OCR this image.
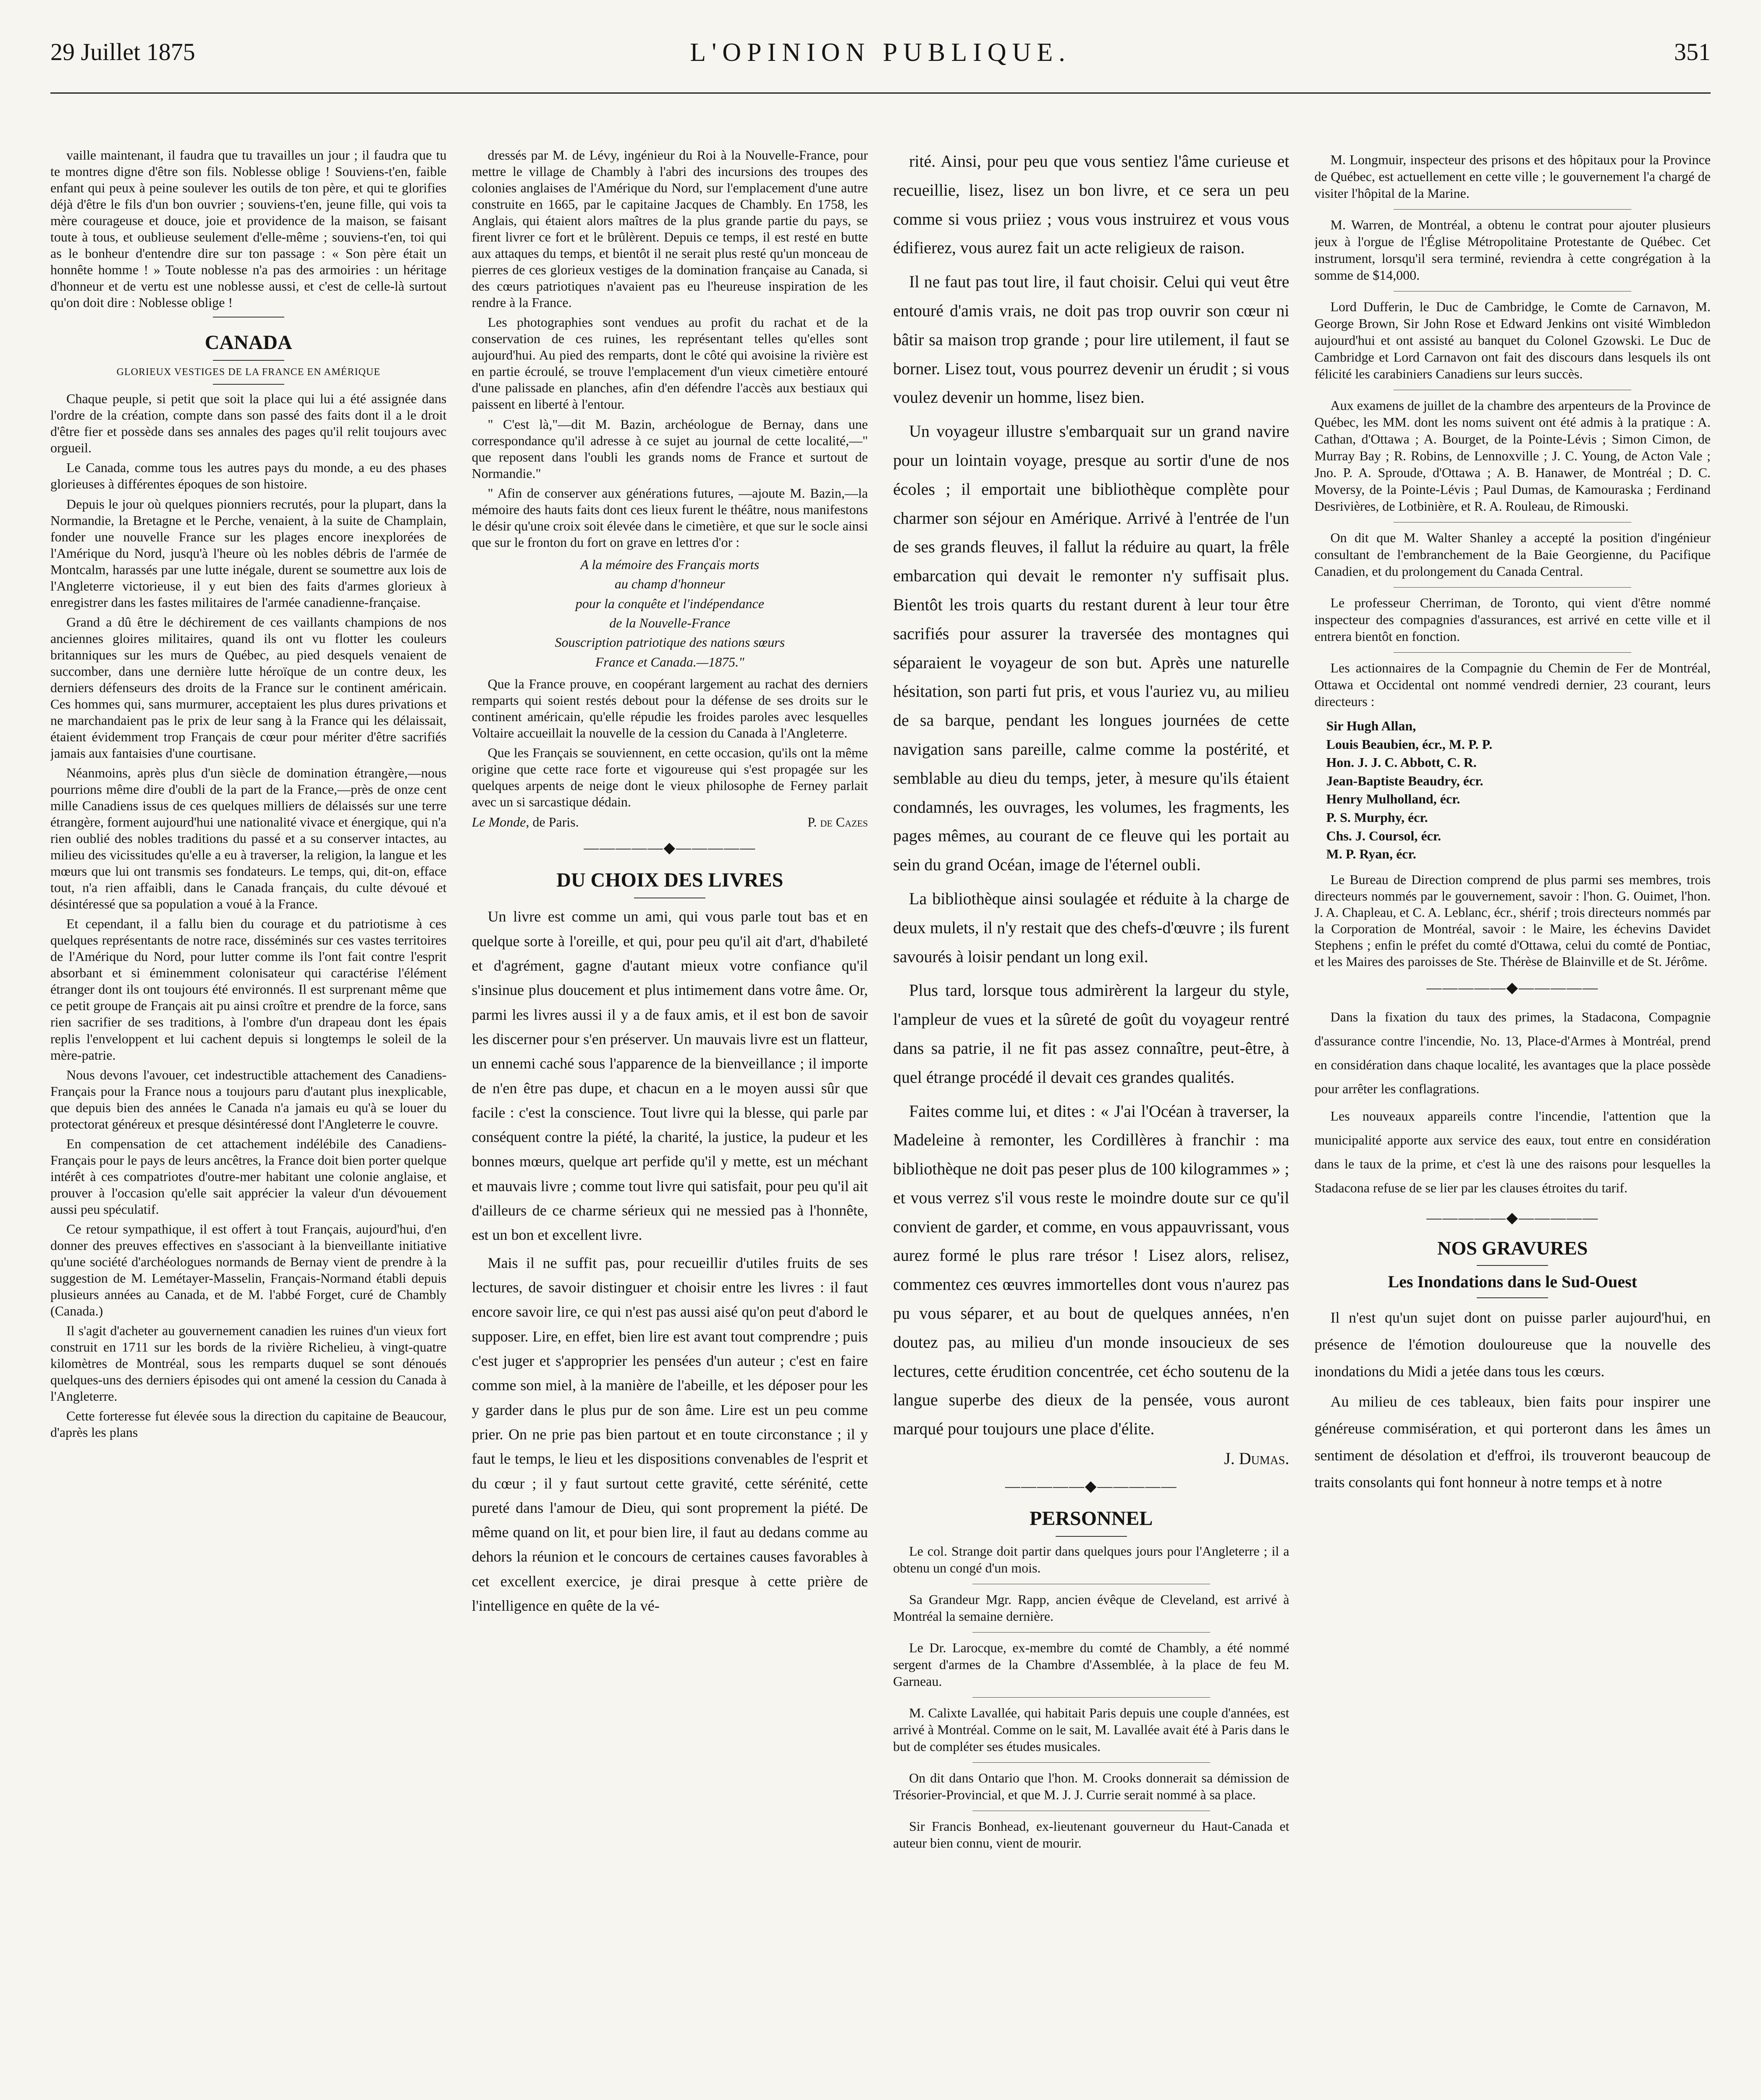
29 Juillet 1875	L'OPINION PUBLIQUE.	351

vaille maintenant, il faudra que tu travailles un jour ; il faudra que tu te montres digne d'être son fils. Noblesse oblige ! Souviens-t'en, faible enfant qui peux à peine soulever les outils de ton père, et qui te glorifies déjà d'être le fils d'un bon ouvrier ; souviens-t'en, jeune fille, qui vois ta mère courageuse et douce, joie et providence de la maison, se faisant toute à tous, et oublieuse seulement d'elle-même ; souviens-t'en, toi qui as le bonheur d'entendre dire sur ton passage : « Son père était un honnête homme ! » Toute noblesse n'a pas des armoiries : un héritage d'honneur et de vertu est une noblesse aussi, et c'est de celle-là surtout qu'on doit dire : Noblesse oblige !

CANADA
GLORIEUX VESTIGES DE LA FRANCE EN AMÉRIQUE

Chaque peuple, si petit que soit la place qui lui a été assignée dans l'ordre de la création, compte dans son passé des faits dont il a le droit d'être fier et possède dans ses annales des pages qu'il relit toujours avec orgueil.

Le Canada, comme tous les autres pays du monde, a eu des phases glorieuses à différentes époques de son histoire.

Depuis le jour où quelques pionniers recrutés, pour la plupart, dans la Normandie, la Bretagne et le Perche, venaient, à la suite de Champlain, fonder une nouvelle France sur les plages encore inexplorées de l'Amérique du Nord, jusqu'à l'heure où les nobles débris de l'armée de Montcalm, harassés par une lutte inégale, durent se soumettre aux lois de l'Angleterre victorieuse, il y eut bien des faits d'armes glorieux à enregistrer dans les fastes militaires de l'armée canadienne-française.

Grand a dû être le déchirement de ces vaillants champions de nos anciennes gloires militaires, quand ils ont vu flotter les couleurs britanniques sur les murs de Québec, au pied desquels venaient de succomber, dans une dernière lutte héroïque de un contre deux, les derniers défenseurs des droits de la France sur le continent américain. Ces hommes qui, sans murmurer, acceptaient les plus dures privations et ne marchandaient pas le prix de leur sang à la France qui les délaissait, étaient évidemment trop Français de cœur pour mériter d'être sacrifiés jamais aux fantaisies d'une courtisane.

Néanmoins, après plus d'un siècle de domination étrangère,—nous pourrions même dire d'oubli de la part de la France,—près de onze cent mille Canadiens issus de ces quelques milliers de délaissés sur une terre étrangère, forment aujourd'hui une nationalité vivace et énergique, qui n'a rien oublié des nobles traditions du passé et a su conserver intactes, au milieu des vicissitudes qu'elle a eu à traverser, la religion, la langue et les mœurs que lui ont transmis ses fondateurs. Le temps, qui, dit-on, efface tout, n'a rien affaibli, dans le Canada français, du culte dévoué et désintéressé que sa population a voué à la France.

Et cependant, il a fallu bien du courage et du patriotisme à ces quelques représentants de notre race, disséminés sur ces vastes territoires de l'Amérique du Nord, pour lutter comme ils l'ont fait contre l'esprit absorbant et si éminemment colonisateur qui caractérise l'élément étranger dont ils ont toujours été environnés. Il est surprenant même que ce petit groupe de Français ait pu ainsi croître et prendre de la force, sans rien sacrifier de ses traditions, à l'ombre d'un drapeau dont les épais replis l'enveloppent et lui cachent depuis si longtemps le soleil de la mère-patrie.

Nous devons l'avouer, cet indestructible attachement des Canadiens-Français pour la France nous a toujours paru d'autant plus inexplicable, que depuis bien des années le Canada n'a jamais eu qu'à se louer du protectorat généreux et presque désintéressé dont l'Angleterre le couvre.

En compensation de cet attachement indélébile des Canadiens-Français pour le pays de leurs ancêtres, la France doit bien porter quelque intérêt à ces compatriotes d'outre-mer habitant une colonie anglaise, et prouver à l'occasion qu'elle sait apprécier la valeur d'un dévouement aussi peu spéculatif.

Ce retour sympathique, il est offert à tout Français, aujourd'hui, d'en donner des preuves effectives en s'associant à la bienveillante initiative qu'une société d'archéologues normands de Bernay vient de prendre à la suggestion de M. Lemétayer-Masselin, Français-Normand établi depuis plusieurs années au Canada, et de M. l'abbé Forget, curé de Chambly (Canada.)

Il s'agit d'acheter au gouvernement canadien les ruines d'un vieux fort construit en 1711 sur les bords de la rivière Richelieu, à vingt-quatre kilomètres de Montréal, sous les remparts duquel se sont dénoués quelques-uns des derniers épisodes qui ont amené la cession du Canada à l'Angleterre.

Cette forteresse fut élevée sous la direction du capitaine de Beaucour, d'après les plans

dressés par M. de Lévy, ingénieur du Roi à la Nouvelle-France, pour mettre le village de Chambly à l'abri des incursions des troupes des colonies anglaises de l'Amérique du Nord, sur l'emplacement d'une autre construite en 1665, par le capitaine Jacques de Chambly. En 1758, les Anglais, qui étaient alors maîtres de la plus grande partie du pays, se firent livrer ce fort et le brûlèrent. Depuis ce temps, il est resté en butte aux attaques du temps, et bientôt il ne serait plus resté qu'un monceau de pierres de ces glorieux vestiges de la domination française au Canada, si des cœurs patriotiques n'avaient pas eu l'heureuse inspiration de les rendre à la France.

Les photographies sont vendues au profit du rachat et de la conservation de ces ruines, les représentant telles qu'elles sont aujourd'hui. Au pied des remparts, dont le côté qui avoisine la rivière est en partie écroulé, se trouve l'emplacement d'un vieux cimetière entouré d'une palissade en planches, afin d'en défendre l'accès aux bestiaux qui paissent en liberté à l'entour.

" C'est là,"—dit M. Bazin, archéologue de Bernay, dans une correspondance qu'il adresse à ce sujet au journal de cette localité,—" que reposent dans l'oubli les grands noms de France et surtout de Normandie."

" Afin de conserver aux générations futures, —ajoute M. Bazin,—la mémoire des hauts faits dont ces lieux furent le théâtre, nous manifestons le désir qu'une croix soit élevée dans le cimetière, et que sur le socle ainsi que sur le fronton du fort on grave en lettres d'or :

A la mémoire des Français morts
au champ d'honneur
pour la conquête et l'indépendance
de la Nouvelle-France
Souscription patriotique des nations sœurs
France et Canada.—1875."

Que la France prouve, en coopérant largement au rachat des derniers remparts qui soient restés debout pour la défense de ses droits sur le continent américain, qu'elle répudie les froides paroles avec lesquelles Voltaire accueillait la nouvelle de la cession du Canada à l'Angleterre.

Que les Français se souviennent, en cette occasion, qu'ils ont la même origine que cette race forte et vigoureuse qui s'est propagée sur les quelques arpents de neige dont le vieux philosophe de Ferney parlait avec un si sarcastique dédain.

Le Monde, de Paris.	P. de Cazes
—————◆—————
DU CHOIX DES LIVRES

Un livre est comme un ami, qui vous parle tout bas et en quelque sorte à l'oreille, et qui, pour peu qu'il ait d'art, d'habileté et d'agrément, gagne d'autant mieux votre confiance qu'il s'insinue plus doucement et plus intimement dans votre âme. Or, parmi les livres aussi il y a de faux amis, et il est bon de savoir les discerner pour s'en préserver. Un mauvais livre est un flatteur, un ennemi caché sous l'apparence de la bienveillance ; il importe de n'en être pas dupe, et chacun en a le moyen aussi sûr que facile : c'est la conscience. Tout livre qui la blesse, qui parle par conséquent contre la piété, la charité, la justice, la pudeur et les bonnes mœurs, quelque art perfide qu'il y mette, est un méchant et mauvais livre ; comme tout livre qui satisfait, pour peu qu'il ait d'ailleurs de ce charme sérieux qui ne messied pas à l'honnête, est un bon et excellent livre.

Mais il ne suffit pas, pour recueillir d'utiles fruits de ses lectures, de savoir distinguer et choisir entre les livres : il faut encore savoir lire, ce qui n'est pas aussi aisé qu'on peut d'abord le supposer. Lire, en effet, bien lire est avant tout comprendre ; puis c'est juger et s'approprier les pensées d'un auteur ; c'est en faire comme son miel, à la manière de l'abeille, et les déposer pour les y garder dans le plus pur de son âme. Lire est un peu comme prier. On ne prie pas bien partout et en toute circonstance ; il y faut le temps, le lieu et les dispositions convenables de l'esprit et du cœur ; il y faut surtout cette gravité, cette sérénité, cette pureté dans l'amour de Dieu, qui sont proprement la piété. De même quand on lit, et pour bien lire, il faut au dedans comme au dehors la réunion et le concours de certaines causes favorables à cet excellent exercice, je dirai presque à cette prière de l'intelligence en quête de la vé-

rité. Ainsi, pour peu que vous sentiez l'âme curieuse et recueillie, lisez, lisez un bon livre, et ce sera un peu comme si vous priiez ; vous vous instruirez et vous vous édifierez, vous aurez fait un acte religieux de raison.

Il ne faut pas tout lire, il faut choisir. Celui qui veut être entouré d'amis vrais, ne doit pas trop ouvrir son cœur ni bâtir sa maison trop grande ; pour lire utilement, il faut se borner. Lisez tout, vous pourrez devenir un érudit ; si vous voulez devenir un homme, lisez bien.

Un voyageur illustre s'embarquait sur un grand navire pour un lointain voyage, presque au sortir d'une de nos écoles ; il emportait une bibliothèque complète pour charmer son séjour en Amérique. Arrivé à l'entrée de l'un de ses grands fleuves, il fallut la réduire au quart, la frêle embarcation qui devait le remonter n'y suffisait plus. Bientôt les trois quarts du restant durent à leur tour être sacrifiés pour assurer la traversée des montagnes qui séparaient le voyageur de son but. Après une naturelle hésitation, son parti fut pris, et vous l'auriez vu, au milieu de sa barque, pendant les longues journées de cette navigation sans pareille, calme comme la postérité, et semblable au dieu du temps, jeter, à mesure qu'ils étaient condamnés, les ouvrages, les volumes, les fragments, les pages mêmes, au courant de ce fleuve qui les portait au sein du grand Océan, image de l'éternel oubli.

La bibliothèque ainsi soulagée et réduite à la charge de deux mulets, il n'y restait que des chefs-d'œuvre ; ils furent savourés à loisir pendant un long exil.

Plus tard, lorsque tous admirèrent la largeur du style, l'ampleur de vues et la sûreté de goût du voyageur rentré dans sa patrie, il ne fit pas assez connaître, peut-être, à quel étrange procédé il devait ces grandes qualités.

Faites comme lui, et dites : « J'ai l'Océan à traverser, la Madeleine à remonter, les Cordillères à franchir : ma bibliothèque ne doit pas peser plus de 100 kilogrammes » ; et vous verrez s'il vous reste le moindre doute sur ce qu'il convient de garder, et comme, en vous appauvrissant, vous aurez formé le plus rare trésor ! Lisez alors, relisez, commentez ces œuvres immortelles dont vous n'aurez pas pu vous séparer, et au bout de quelques années, n'en doutez pas, au milieu d'un monde insoucieux de ses lectures, cette érudition concentrée, cet écho soutenu de la langue superbe des dieux de la pensée, vous auront marqué pour toujours une place d'élite.

J. Dumas.
—————◆—————
PERSONNEL

Le col. Strange doit partir dans quelques jours pour l'Angleterre ; il a obtenu un congé d'un mois.

Sa Grandeur Mgr. Rapp, ancien évêque de Cleveland, est arrivé à Montréal la semaine dernière.

Le Dr. Larocque, ex-membre du comté de Chambly, a été nommé sergent d'armes de la Chambre d'Assemblée, à la place de feu M. Garneau.

M. Calixte Lavallée, qui habitait Paris depuis une couple d'années, est arrivé à Montréal. Comme on le sait, M. Lavallée avait été à Paris dans le but de compléter ses études musicales.

On dit dans Ontario que l'hon. M. Crooks donnerait sa démission de Trésorier-Provincial, et que M. J. J. Currie serait nommé à sa place.

Sir Francis Bonhead, ex-lieutenant gouverneur du Haut-Canada et auteur bien connu, vient de mourir.

M. Longmuir, inspecteur des prisons et des hôpitaux pour la Province de Québec, est actuellement en cette ville ; le gouvernement l'a chargé de visiter l'hôpital de la Marine.

M. Warren, de Montréal, a obtenu le contrat pour ajouter plusieurs jeux à l'orgue de l'Église Métropolitaine Protestante de Québec. Cet instrument, lorsqu'il sera terminé, reviendra à cette congrégation à la somme de $14,000.

Lord Dufferin, le Duc de Cambridge, le Comte de Carnavon, M. George Brown, Sir John Rose et Edward Jenkins ont visité Wimbledon aujourd'hui et ont assisté au banquet du Colonel Gzowski. Le Duc de Cambridge et Lord Carnavon ont fait des discours dans lesquels ils ont félicité les carabiniers Canadiens sur leurs succès.

Aux examens de juillet de la chambre des arpenteurs de la Province de Québec, les MM. dont les noms suivent ont été admis à la pratique : A. Cathan, d'Ottawa ; A. Bourget, de la Pointe-Lévis ; Simon Cimon, de Murray Bay ; R. Robins, de Lennoxville ; J. C. Young, de Acton Vale ; Jno. P. A. Sproude, d'Ottawa ; A. B. Hanawer, de Montréal ; D. C. Moversy, de la Pointe-Lévis ; Paul Dumas, de Kamouraska ; Ferdinand Desrivières, de Lotbinière, et R. A. Rouleau, de Rimouski.

On dit que M. Walter Shanley a accepté la position d'ingénieur consultant de l'embranchement de la Baie Georgienne, du Pacifique Canadien, et du prolongement du Canada Central.

Le professeur Cherriman, de Toronto, qui vient d'être nommé inspecteur des compagnies d'assurances, est arrivé en cette ville et il entrera bientôt en fonction.

Les actionnaires de la Compagnie du Chemin de Fer de Montréal, Ottawa et Occidental ont nommé vendredi dernier, 23 courant, leurs directeurs :

Sir Hugh Allan,
Louis Beaubien, écr., M. P. P.
Hon. J. J. C. Abbott, C. R.
Jean-Baptiste Beaudry, écr.
Henry Mulholland, écr.
P. S. Murphy, écr.
Chs. J. Coursol, écr.
M. P. Ryan, écr.

Le Bureau de Direction comprend de plus parmi ses membres, trois directeurs nommés par le gouvernement, savoir : l'hon. G. Ouimet, l'hon. J. A. Chapleau, et C. A. Leblanc, écr., shérif ; trois directeurs nommés par la Corporation de Montréal, savoir : le Maire, les échevins Davidet Stephens ; enfin le préfet du comté d'Ottawa, celui du comté de Pontiac, et les Maires des paroisses de Ste. Thérèse de Blainville et de St. Jérôme.

—————◆—————

Dans la fixation du taux des primes, la Stadacona, Compagnie d'assurance contre l'incendie, No. 13, Place-d'Armes à Montréal, prend en considération dans chaque localité, les avantages que la place possède pour arrêter les conflagrations.

Les nouveaux appareils contre l'incendie, l'attention que la municipalité apporte aux service des eaux, tout entre en considération dans le taux de la prime, et c'est là une des raisons pour lesquelles la Stadacona refuse de se lier par les clauses étroites du tarif.

—————◆—————
NOS GRAVURES
Les Inondations dans le Sud-Ouest

Il n'est qu'un sujet dont on puisse parler aujourd'hui, en présence de l'émotion douloureuse que la nouvelle des inondations du Midi a jetée dans tous les cœurs.

Au milieu de ces tableaux, bien faits pour inspirer une généreuse commisération, et qui porteront dans les âmes un sentiment de désolation et d'effroi, ils trouveront beaucoup de traits consolants qui font honneur à notre temps et à notre
